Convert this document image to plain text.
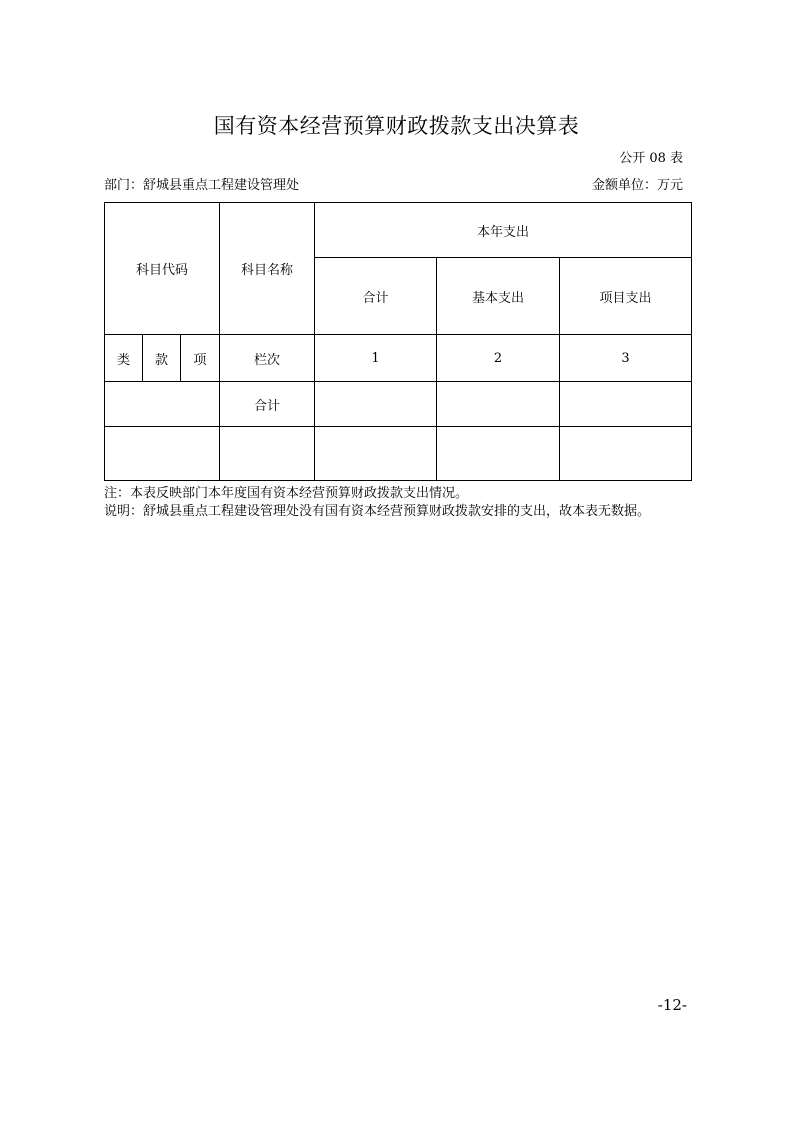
国有资本经营预算财政拨款支出决算表
公开 08 表
部门：舒城县重点工程建设管理处	金额单位：万元
科目代码			科目名称	本年支出		
				合计	基本支出	项目支出
类	款	项	栏次	1	2	3
			合计			

注：本表反映部门本年度国有资本经营预算财政拨款支出情况。

说明：舒城县重点工程建设管理处没有国有资本经营预算财政拨款安排的支出，故本表无数据。

-12-
